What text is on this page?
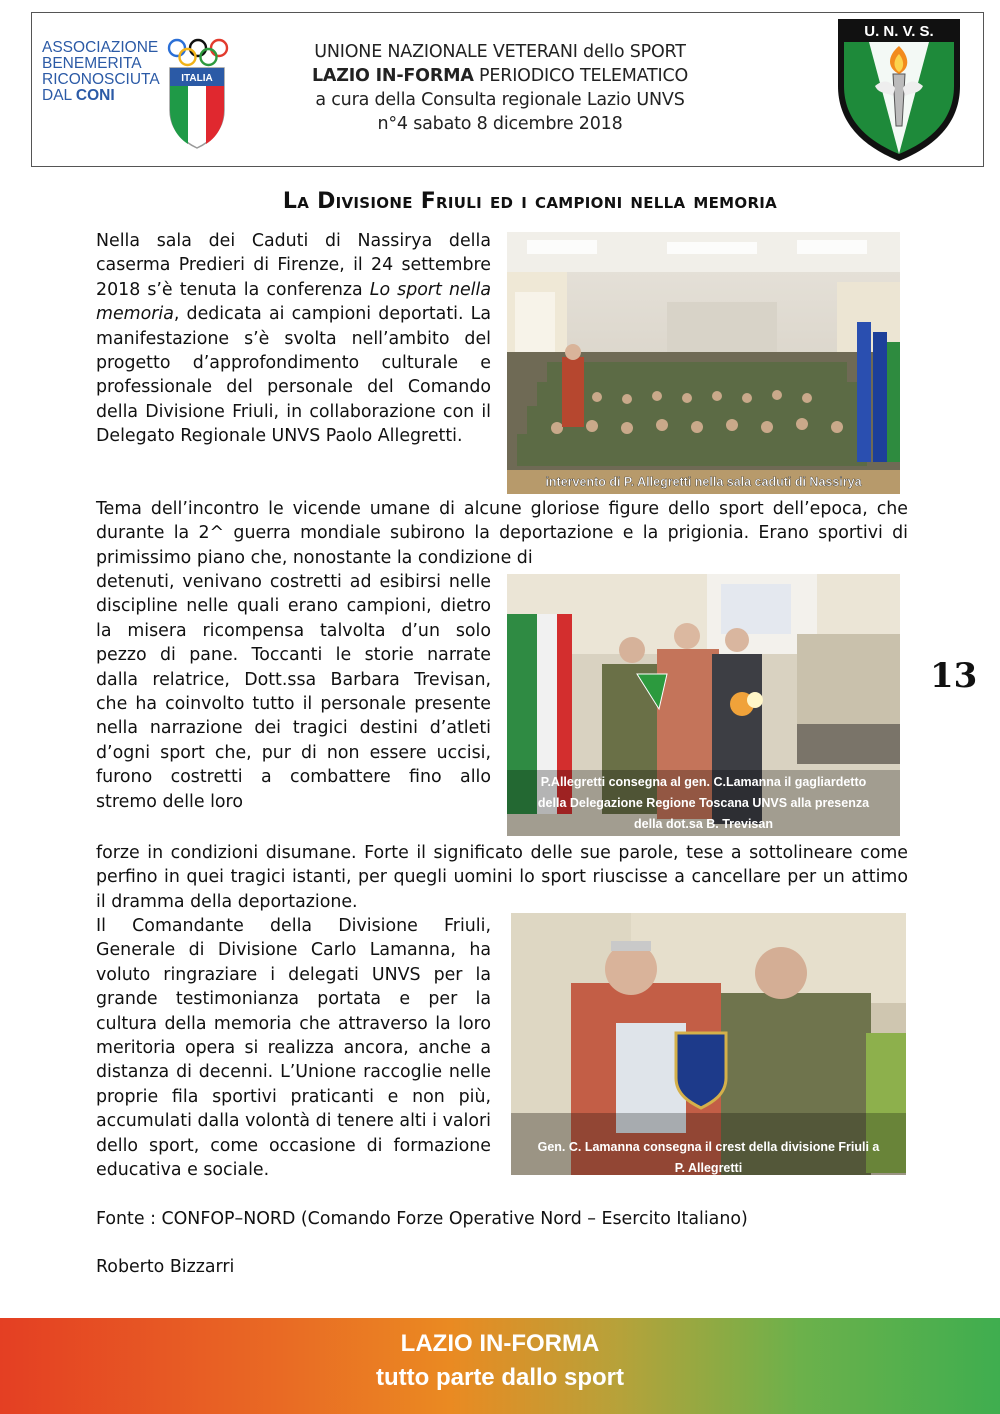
ASSOCIAZIONE
BENEMERITA
RICONOSCIUTA
DAL CONI
ITALIA
UNIONE NAZIONALE VETERANI dello SPORT
LAZIO IN-FORMA PERIODICO TELEMATICO
a cura della Consulta regionale Lazio UNVS
n°4 sabato 8 dicembre 2018
U. N. V. S.
La Divisione Friuli ed i campioni nella memoria

Nella sala dei Caduti di Nassirya della caserma Predieri di Firenze, il 24 settembre 2018 s’è tenuta la conferenza Lo sport nella memoria, dedicata ai campioni deportati. La manifestazione s’è svolta nell’ambito del progetto d’approfondimento culturale e professionale del personale del Comando della Divisione Friuli, in collaborazione con il Delegato Regionale UNVS Paolo Allegretti.

Tema dell’incontro le vicende umane di alcune gloriose figure dello sport dell’epoca, che durante la 2^ guerra mondiale subirono la deportazione e la prigionia. Erano sportivi di primissimo piano che, nonostante la condizione di

detenuti, venivano costretti ad esibirsi nelle discipline nelle quali erano campioni, dietro la misera ricompensa talvolta d’un solo pezzo di pane. Toccanti le storie narrate dalla relatrice, Dott.ssa Barbara Trevisan, che ha coinvolto tutto il personale presente nella narrazione dei tragici destini d’atleti d’ogni sport che, pur di non essere uccisi, furono costretti a combattere fino allo stremo delle loro

forze in condizioni disumane. Forte il significato delle sue parole, tese a sottolineare come perfino in quei tragici istanti, per quegli uomini lo sport riuscisse a cancellare per un attimo il dramma della deportazione.

Il Comandante della Divisione Friuli, Generale di Divisione Carlo Lamanna, ha voluto ringraziare i delegati UNVS per la grande testimonianza portata e per la cultura della memoria che attraverso la loro meritoria opera si realizza ancora, anche a distanza di decenni. L’Unione raccoglie nelle proprie fila sportivi praticanti e non più, accumulati dalla volontà di tenere alti i valori dello sport, come occasione di formazione educativa e sociale.

Fonte : CONFOP–NORD (Comando Forze Operative Nord – Esercito Italiano)
Roberto Bizzarri
intervento di P. Allegretti nella sala caduti di Nassirya
P.Allegretti consegna al gen. C.Lamanna il gagliardetto
della Delegazione Regione Toscana UNVS alla presenza
della dot.sa B. Trevisan
Gen. C. Lamanna consegna il crest della divisione Friuli a
P. Allegretti
13
LAZIO IN-FORMA
tutto parte dallo sport
